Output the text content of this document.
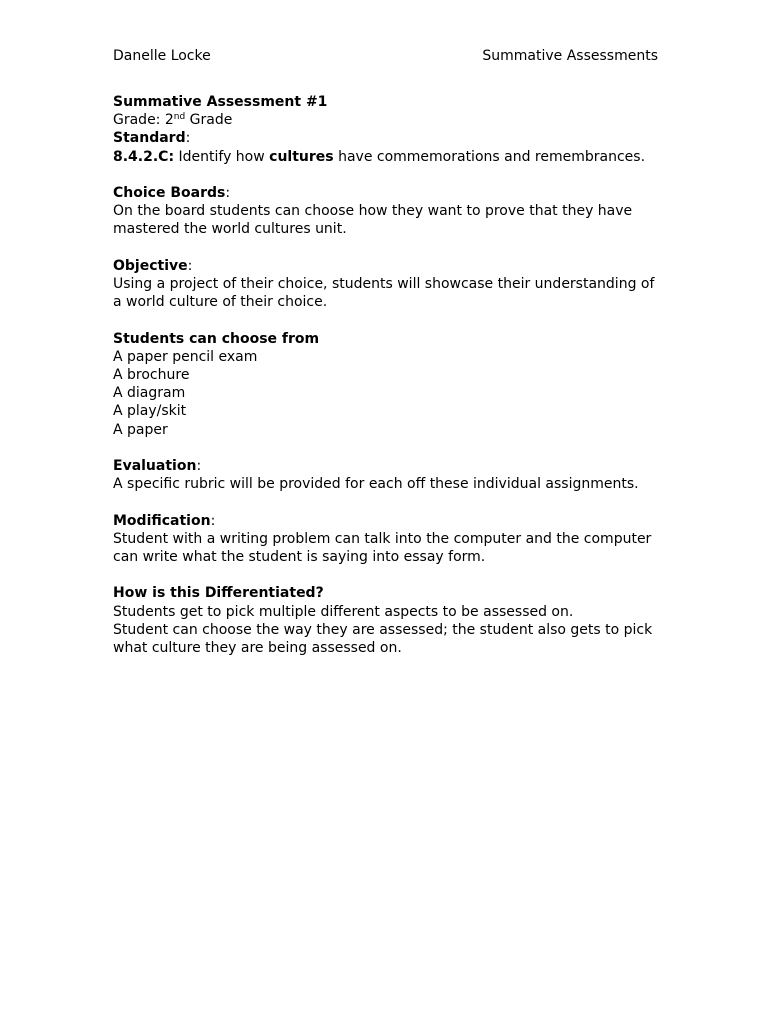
Danelle Locke	Summative Assessments

Summative Assessment #1

Grade: 2nd Grade

Standard:

8.4.2.C: Identify how cultures have commemorations and remembrances.

Choice Boards:

On the board students can choose how they want to prove that they have mastered the world cultures unit.

Objective:

Using a project of their choice, students will showcase their understanding of a world culture of their choice.

Students can choose from

A paper pencil exam

A brochure

A diagram

A play/skit

A paper

Evaluation:

A specific rubric will be provided for each off these individual assignments.

Modification:

Student with a writing problem can talk into the computer and the computer can write what the student is saying into essay form.

How is this Differentiated?

Students get to pick multiple different aspects to be assessed on.

Student can choose the way they are assessed; the student also gets to pick what culture they are being assessed on.
